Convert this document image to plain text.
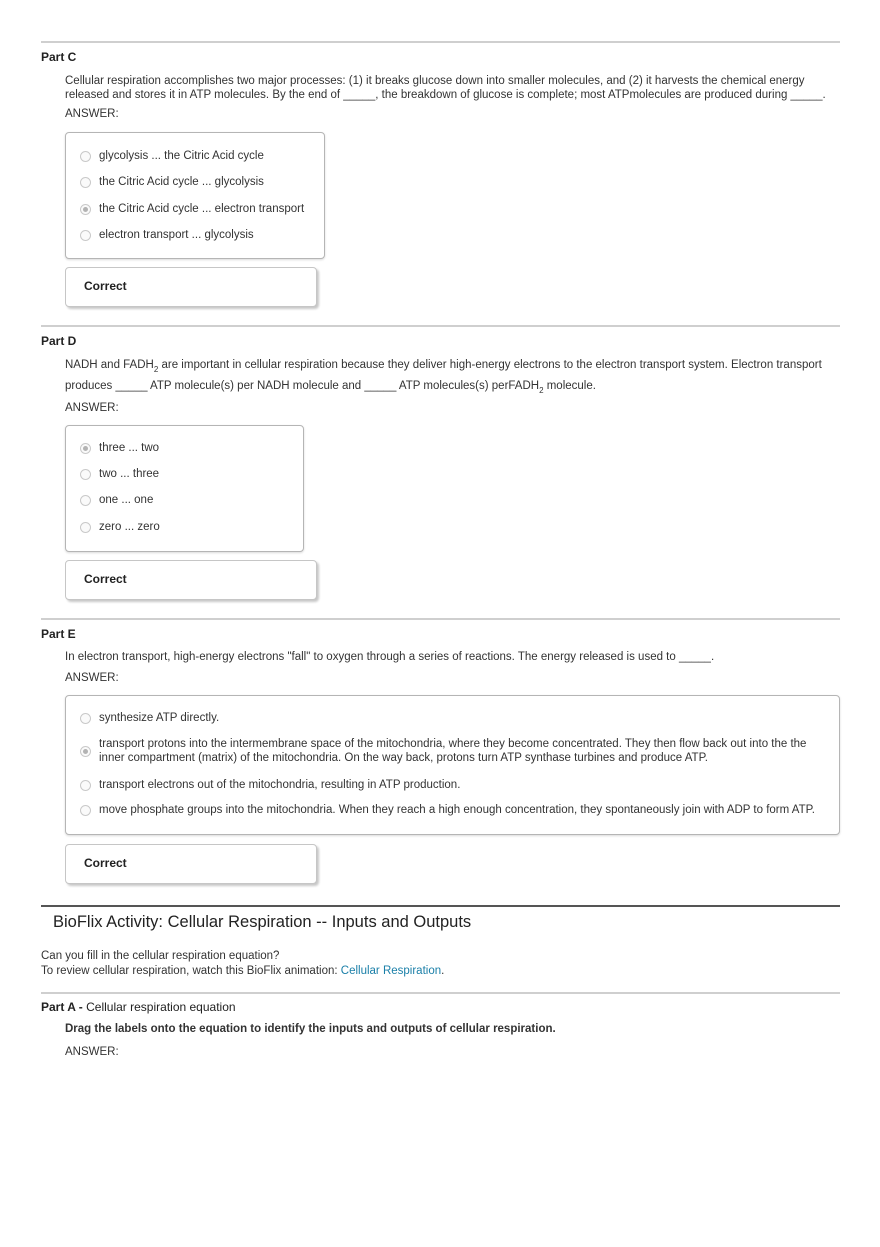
Part C
Cellular respiration accomplishes two major processes: (1) it breaks glucose down into smaller molecules, and (2) it harvests the chemical energy released and stores it in ATP molecules. By the end of _____, the breakdown of glucose is complete; most ATPmolecules are produced during _____.
ANSWER:
glycolysis ... the Citric Acid cycle
the Citric Acid cycle ... glycolysis
the Citric Acid cycle ... electron transport
electron transport ... glycolysis
Correct
Part D
NADH and $FADH_2$ are important in cellular respiration because they deliver high-energy electrons to the electron transport system. Electron transport produces _____ ATP molecule(s) per NADH molecule and _____ ATP molecules(s) perFADH$_2$ molecule.
ANSWER:
three ... two
two ... three
one ... one
zero ... zero
Correct
Part E
In electron transport, high-energy electrons "fall" to oxygen through a series of reactions. The energy released is used to _____.
ANSWER:
synthesize ATP directly.
transport protons into the intermembrane space of the mitochondria, where they become concentrated. They then flow back out into the the inner compartment (matrix) of the mitochondria. On the way back, protons turn ATP synthase turbines and produce ATP.
transport electrons out of the mitochondria, resulting in ATP production.
move phosphate groups into the mitochondria. When they reach a high enough concentration, they spontaneously join with ADP to form ATP.
Correct
BioFlix Activity: Cellular Respiration -- Inputs and Outputs
Can you fill in the cellular respiration equation?
To review cellular respiration, watch this BioFlix animation: Cellular Respiration.
Part A - Cellular respiration equation
Drag the labels onto the equation to identify the inputs and outputs of cellular respiration.
ANSWER:
